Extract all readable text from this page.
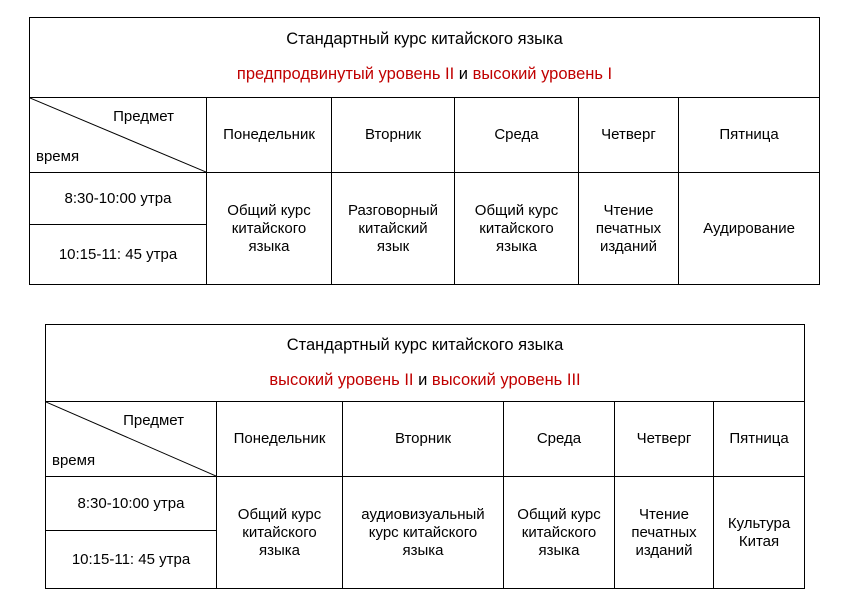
Стандартный курс китайского языка
предпродвинутый уровень II и высокий уровень I					

Предмет
время	Понедельник	Вторник	Среда	Четверг	Пятница
8:30-10:00 утра	Общий курс
китайского
языка	Разговорный
китайский
язык	Общий курс
китайского
языка	Чтение
печатных
изданий	Аудирование
10:15-11: 45 утра					
Стандартный курс китайского языка
высокий уровень II и высокий уровень III					

Предмет
время	Понедельник	Вторник	Среда	Четверг	Пятница
8:30-10:00 утра	Общий курс
китайского
языка	аудиовизуальный
курс китайского
языка	Общий курс
китайского
языка	Чтение
печатных
изданий	Культура
Китая
10:15-11: 45 утра					
